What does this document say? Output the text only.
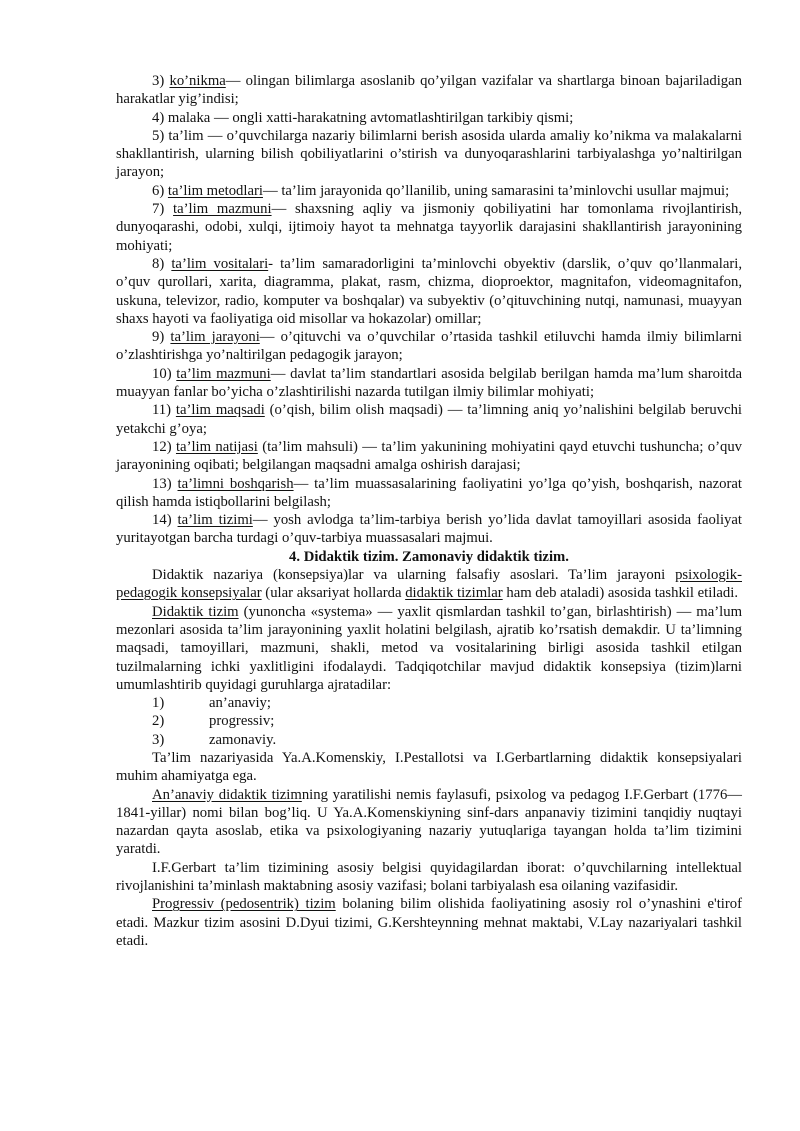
3) ko’nikma— olingan bilimlarga asoslanib qo’yilgan vazifalar va shartlarga binoan bajariladigan harakatlar yig’indisi;

4) malaka — ongli xatti-harakatning avtomatlashtirilgan tarkibiy qismi;

5) ta’lim — o’quvchilarga nazariy bilimlarni berish asosida ularda amaliy ko’nikma va malakalarni shakllantirish, ularning bilish qobiliyatlarini o’stirish va dunyoqarashlarini tarbiyalashga yo’naltirilgan jarayon;

6) ta’lim metodlari— ta’lim jarayonida qo’llanilib, uning samarasini ta’minlovchi usullar majmui;

7) ta’lim mazmuni— shaxsning aqliy va jismoniy qobiliyatini har tomonlama rivojlantirish, dunyoqarashi, odobi, xulqi, ijtimoiy hayot ta mehnatga tayyorlik darajasini shakllantirish jarayonining mohiyati;

8) ta’lim vositalari- ta’lim samaradorligini ta’minlovchi obyektiv (darslik, o’quv qo’llanmalari, o’quv qurollari, xarita, diagramma, plakat, rasm, chizma, dioproektor, magnitafon, videomagnitafon, uskuna, televizor, radio, komputer va boshqalar) va subyektiv (o’qituvchining nutqi, namunasi, muayyan shaxs hayoti va faoliyatiga oid misollar va hokazolar) omillar;

9) ta’lim jarayoni— o’qituvchi va o’quvchilar o’rtasida tashkil etiluvchi hamda ilmiy bilimlarni o’zlashtirishga yo’naltirilgan pedagogik jarayon;

10) ta’lim mazmuni— davlat ta’lim standartlari asosida belgilab berilgan hamda ma’lum sharoitda muayyan fanlar bo’yicha o’zlashtirilishi nazarda tutilgan ilmiy bilimlar mohiyati;

11) ta’lim maqsadi (o’qish, bilim olish maqsadi) — ta’limning aniq yo’nalishini belgilab beruvchi yetakchi g’oya;

12) ta’lim natijasi (ta’lim mahsuli) — ta’lim yakunining mohiyatini qayd etuvchi tushuncha; o’quv jarayonining oqibati; belgilangan maqsadni amalga oshirish darajasi;

13) ta’limni boshqarish— ta’lim muassasalarining faoliyatini yo’lga qo’yish, boshqarish, nazorat qilish hamda istiqbollarini belgilash;

14) ta’lim tizimi— yosh avlodga ta’lim-tarbiya berish yo’lida davlat tamoyillari asosida faoliyat yuritayotgan barcha turdagi o’quv-tarbiya muassasalari majmui.

4. Didaktik tizim. Zamonaviy didaktik tizim.

Didaktik nazariya (konsepsiya)lar va ularning falsafiy asoslari. Ta’lim jarayoni psixologik-pedagogik konsepsiyalar (ular aksariyat hollarda didaktik tizimlar ham deb ataladi) asosida tashkil etiladi.

Didaktik tizim (yunoncha «systema» — yaxlit qismlardan tashkil to’gan, birlashtirish) — ma’lum mezonlari asosida ta’lim jarayonining yaxlit holatini belgilash, ajratib ko’rsatish demakdir. U ta’limning maqsadi, tamoyillari, mazmuni, shakli, metod va vositalarining birligi asosida tashkil etilgan tuzilmalarning ichki yaxlitligini ifodalaydi. Tadqiqotchilar mavjud didaktik konsepsiya (tizim)larni umumlashtirib quyidagi guruhlarga ajratadilar:

1)	an’anaviy;

2)	progressiv;

3)	zamonaviy.

Ta’lim nazariyasida Ya.A.Komenskiy, I.Pestallotsi va I.Gerbartlarning didaktik konsepsiyalari muhim ahamiyatga ega.

An’anaviy didaktik tizimning yaratilishi nemis faylasufi, psixolog va pedagog I.F.Gerbart (1776—1841-yillar) nomi bilan bog’liq. U Ya.A.Komenskiyning sinf-dars anpanaviy tizimini tanqidiy nuqtayi nazardan qayta asoslab, etika va psixologiyaning nazariy yutuqlariga tayangan holda ta’lim tizimini yaratdi.

I.F.Gerbart ta’lim tizimining asosiy belgisi quyidagilardan iborat: o’quvchilarning intellektual rivojlanishini ta’minlash maktabning asosiy vazifasi; bolani tarbiyalash esa oilaning vazifasidir.

Progressiv (pedosentrik) tizim bolaning bilim olishida faoliyatining asosiy rol o’ynashini e'tirof etadi. Mazkur tizim asosini D.Dyui tizimi, G.Kershteynning mehnat maktabi, V.Lay nazariyalari tashkil etadi.
